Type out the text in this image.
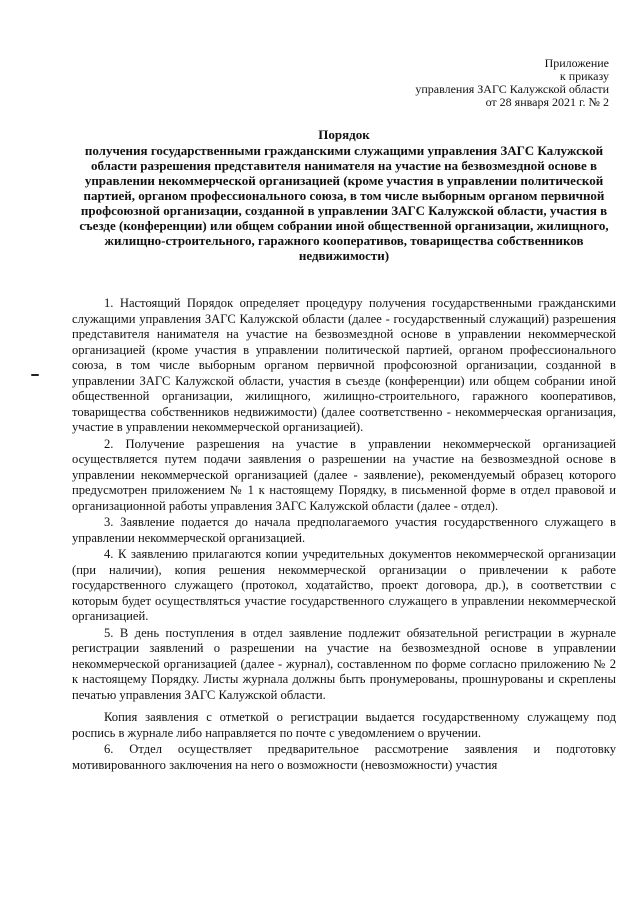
Приложение
к приказу
управления ЗАГС Калужской области
от 28 января 2021 г. № 2
Порядок
получения государственными гражданскими служащими управления ЗАГС Калужской области разрешения представителя нанимателя на участие на безвозмездной основе в управлении некоммерческой организацией (кроме участия в управлении политической партией, органом профессионального союза, в том числе выборным органом первичной профсоюзной организации, созданной в управлении ЗАГС Калужской области, участия в съезде (конференции) или общем собрании иной общественной организации, жилищного, жилищно-строительного, гаражного кооперативов, товарищества собственников недвижимости)

1. Настоящий Порядок определяет процедуру получения государственными гражданскими служащими управления ЗАГС Калужской области (далее - государственный служащий) разрешения представителя нанимателя на участие на безвозмездной основе в управлении некоммерческой организацией (кроме участия в управлении политической партией, органом профессионального союза, в том числе выборным органом первичной профсоюзной организации, созданной в управлении ЗАГС Калужской области, участия в съезде (конференции) или общем собрании иной общественной организации, жилищного, жилищно-строительного, гаражного кооперативов, товарищества собственников недвижимости) (далее соответственно - некоммерческая организация, участие в управлении некоммерческой организацией).

2. Получение разрешения на участие в управлении некоммерческой организацией осуществляется путем подачи заявления о разрешении на участие на безвозмездной основе в управлении некоммерческой организацией (далее - заявление), рекомендуемый образец которого предусмотрен приложением № 1 к настоящему Порядку, в письменной форме в отдел правовой и организационной работы управления ЗАГС Калужской области (далее - отдел).

3. Заявление подается до начала предполагаемого участия государственного служащего в управлении некоммерческой организацией.

4. К заявлению прилагаются копии учредительных документов некоммерческой организации (при наличии), копия решения некоммерческой организации о привлечении к работе государственного служащего (протокол, ходатайство, проект договора, др.), в соответствии с которым будет осуществляться участие государственного служащего в управлении некоммерческой организацией.

5. В день поступления в отдел заявление подлежит обязательной регистрации в журнале регистрации заявлений о разрешении на участие на безвозмездной основе в управлении некоммерческой организацией (далее - журнал), составленном по форме согласно приложению № 2 к настоящему Порядку. Листы журнала должны быть пронумерованы, прошнурованы и скреплены печатью управления ЗАГС Калужской области.

Копия заявления с отметкой о регистрации выдается государственному служащему под роспись в журнале либо направляется по почте с уведомлением о вручении.

6. Отдел осуществляет предварительное рассмотрение заявления и подготовку мотивированного заключения на него о возможности (невозможности) участия
